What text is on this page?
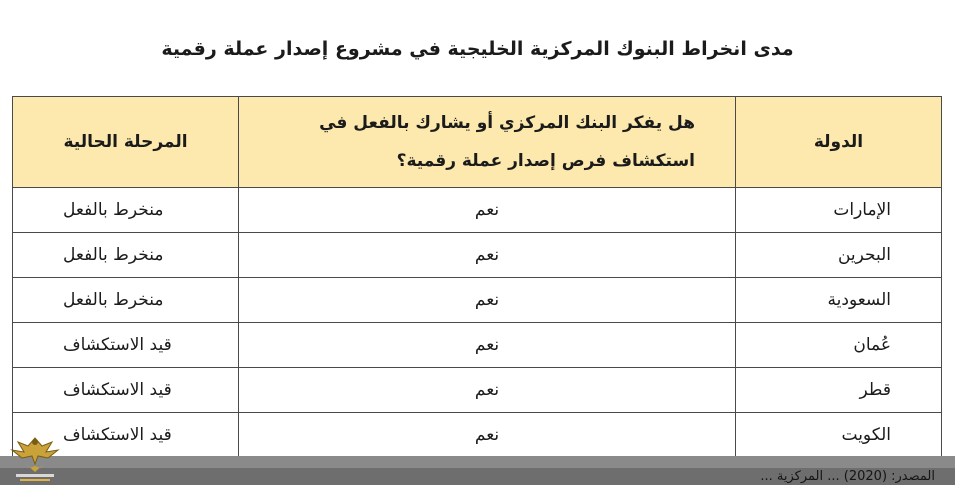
مدى انخراط البنوك المركزية الخليجية في مشروع إصدار عملة رقمية
الدولة	هل يفكر البنك المركزي أو يشارك بالفعل في استكشاف فرص إصدار عملة رقمية؟	المرحلة الحالية
الإمارات	نعم	منخرط بالفعل
البحرين	نعم	منخرط بالفعل
السعودية	نعم	منخرط بالفعل
عُمان	نعم	قيد الاستكشاف
قطر	نعم	قيد الاستكشاف
الكويت	نعم	قيد الاستكشاف
المصدر: (2020) ... المركزية ...
